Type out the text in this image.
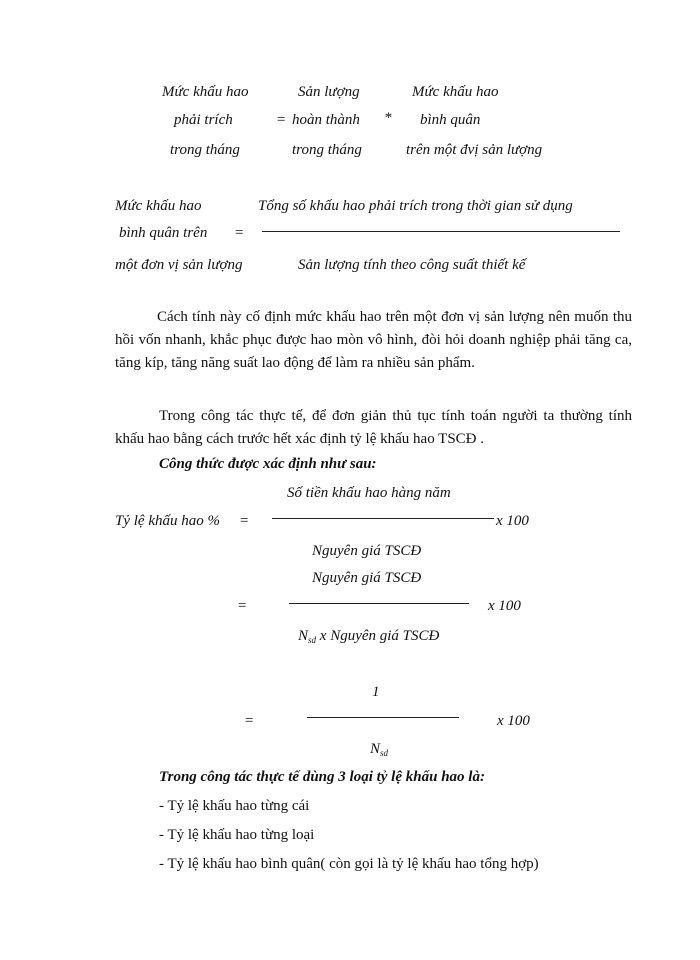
Mức khấu hao
phải trích
trong tháng
=
Sản lượng
hoàn thành
trong tháng
*
Mức khấu hao
bình quân
trên một đvị sản lượng
Mức khấu hao
bình quân trên
một đơn vị sản lượng
=
Tổng số khấu hao phải trích trong thời gian sử dụng
Sản lượng tính theo công suất thiết kế
Cách tính này cố định mức khấu hao trên một đơn vị sản lượng nên muốn thu hồi vốn nhanh, khắc phục được hao mòn vô hình, đòi hỏi doanh nghiệp phải tăng ca, tăng kíp, tăng năng suất lao động để làm ra nhiều sản phẩm.
Trong công tác thực tế, để đơn giản thủ tục tính toán người ta thường tính khấu hao bằng cách trước hết xác định tỷ lệ khấu hao TSCĐ .
Công thức được xác định như sau:
Số tiền khấu hao hàng năm
Tỷ lệ khấu hao % =	x 100
Nguyên giá TSCĐ
Nguyên giá TSCĐ
=	x 100
$N_{sd}$ x Nguyên giá TSCĐ
1
=	x 100
$N_{sd}$
Trong công tác thực tế dùng 3 loại tỷ lệ khấu hao là:
- Tỷ lệ khấu hao từng cái
- Tỷ lệ khấu hao từng loại
- Tỷ lệ khấu hao bình quân( còn gọi là tỷ lệ khấu hao tổng hợp)
